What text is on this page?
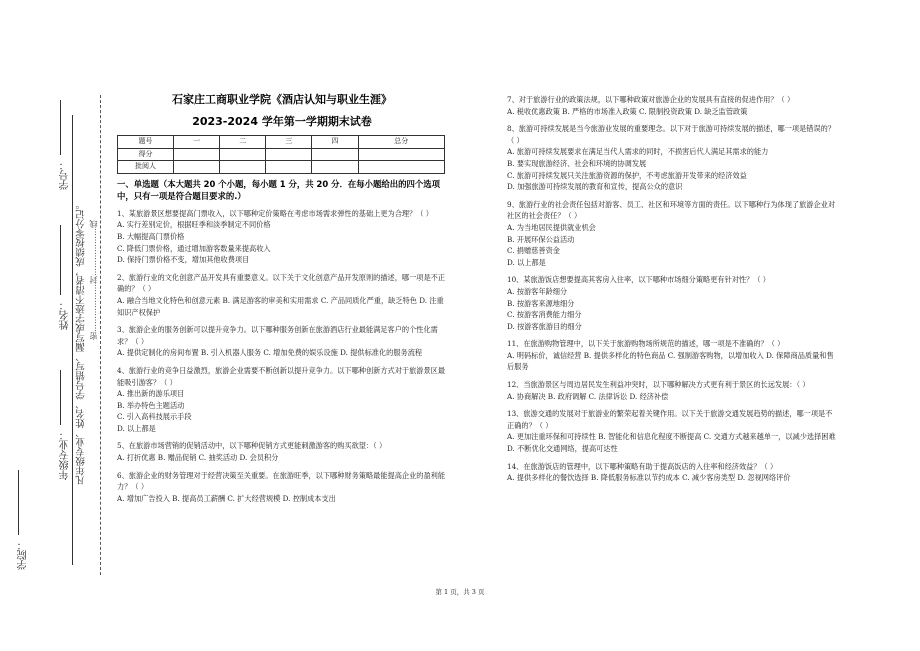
学号：
姓名：
年级专业：
学院：
凡年级专业、姓名、学号错写、漏写或字迹不清者，成绩按零分记。 密………………封………………线
石家庄工商职业学院《酒店认知与职业生涯》
2023-2024 学年第一学期期末试卷
题号	一	二	三	四	总分
得分					
批阅人					
一、单选题（本大题共 20 个小题，每小题 1 分，共 20 分．在每小题给出的四个选项中，只有一项是符合题目要求的.）

1、某旅游景区想要提高门票收入，以下哪种定价策略在考虑市场需求弹性的基础上更为合理？（ ）

A. 实行差别定价，根据旺季和淡季制定不同价格

B. 大幅提高门票价格

C. 降低门票价格，通过增加游客数量来提高收入

D. 保持门票价格不变，增加其他收费项目

2、旅游行业的文化创意产品开发具有重要意义。以下关于文化创意产品开发原则的描述，哪一项是不正确的？（ ）

A. 融合当地文化特色和创意元素 B. 满足游客的审美和实用需求 C. 产品同质化严重，缺乏特色 D. 注重知识产权保护

3、旅游企业的服务创新可以提升竞争力。以下哪种服务创新在旅游酒店行业最能满足客户的个性化需求？（ ）

A. 提供定制化的房间布置 B. 引入机器人服务 C. 增加免费的娱乐设施 D. 提供标准化的服务流程

4、旅游行业的竞争日益激烈，旅游企业需要不断创新以提升竞争力。以下哪种创新方式对于旅游景区最能吸引游客？（ ）

A. 推出新的游乐项目

B. 举办特色主题活动

C. 引入高科技展示手段

D. 以上都是

5、在旅游市场营销的促销活动中，以下哪种促销方式更能刺激游客的购买欲望：（ ）

A. 打折优惠 B. 赠品促销 C. 抽奖活动 D. 会员积分

6、旅游企业的财务管理对于经营决策至关重要。在旅游旺季，以下哪种财务策略最能提高企业的盈利能力？（ ）

A. 增加广告投入 B. 提高员工薪酬 C. 扩大经营规模 D. 控制成本支出

7、对于旅游行业的政策法规，以下哪种政策对旅游企业的发展具有直接的促进作用？（ ）

A. 税收优惠政策 B. 严格的市场准入政策 C. 限制投资政策 D. 缺乏监管政策

8、旅游可持续发展是当今旅游业发展的重要理念。以下对于旅游可持续发展的描述，哪一项是错误的？（ ）

A. 旅游可持续发展要求在满足当代人需求的同时，不损害后代人满足其需求的能力

B. 要实现旅游经济、社会和环境的协调发展

C. 旅游可持续发展只关注旅游资源的保护，不考虑旅游开发带来的经济效益

D. 加强旅游可持续发展的教育和宣传，提高公众的意识

9、旅游行业的社会责任包括对游客、员工、社区和环境等方面的责任。以下哪种行为体现了旅游企业对社区的社会责任？（ ）

A. 为当地居民提供就业机会

B. 开展环保公益活动

C. 捐赠慈善资金

D. 以上都是

10、某旅游饭店想要提高其客房入住率，以下哪种市场细分策略更有针对性？（ ）

A. 按游客年龄细分

B. 按游客来源地细分

C. 按游客消费能力细分

D. 按游客旅游目的细分

11、在旅游购物管理中，以下关于旅游购物场所规范的描述，哪一项是不准确的？（ ）

A. 明码标价，诚信经营 B. 提供多样化的特色商品 C. 强制游客购物，以增加收入 D. 保障商品质量和售后服务

12、当旅游景区与周边居民发生利益冲突时，以下哪种解决方式更有利于景区的长远发展：（ ）

A. 协商解决 B. 政府调解 C. 法律诉讼 D. 经济补偿

13、旅游交通的发展对于旅游业的繁荣起着关键作用。以下关于旅游交通发展趋势的描述，哪一项是不正确的？（ ）

A. 更加注重环保和可持续性 B. 智能化和信息化程度不断提高 C. 交通方式越来越单一，以减少选择困难 D. 不断优化交通网络，提高可达性

14、在旅游饭店的管理中，以下哪种策略有助于提高饭店的入住率和经济效益？（ ）

A. 提供多样化的餐饮选择 B. 降低服务标准以节约成本 C. 减少客房类型 D. 忽视网络评价

第 1 页，共 3 页
